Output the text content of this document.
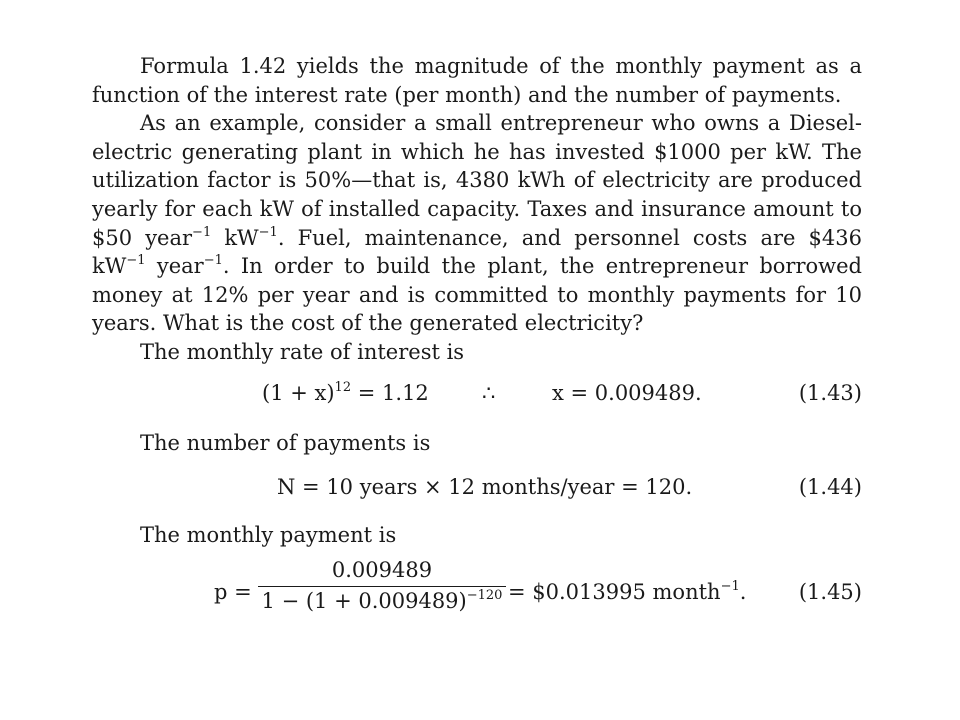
Formula 1.42 yields the magnitude of the monthly payment as a function of the interest rate (per month) and the number of payments.

As an example, consider a small entrepreneur who owns a Diesel-electric generating plant in which he has invested $1000 per kW. The utilization factor is 50%—that is, 4380 kWh of electricity are produced yearly for each kW of installed capacity. Taxes and insurance amount to $50 year$^{-1}$ $kW^{-1}$. Fuel, maintenance, and personnel costs are $436 $kW^{-1}$ year$^{-1}$. In order to build the plant, the entrepreneur borrowed money at 12% per year and is committed to monthly payments for 10 years. What is the cost of the generated electricity?

The monthly rate of interest is

$(1 + x)^{12} = 1.12$	∴	x = 0.009489.	(1.43)

The number of payments is

N = 10 years × 12 months/year = 120.	(1.44)

The monthly payment is

$p = \frac{0.009489}{1 - (1 + 0.009489)^{-120}}$ = $0.013995 month$^{-1}$. (1.45)
